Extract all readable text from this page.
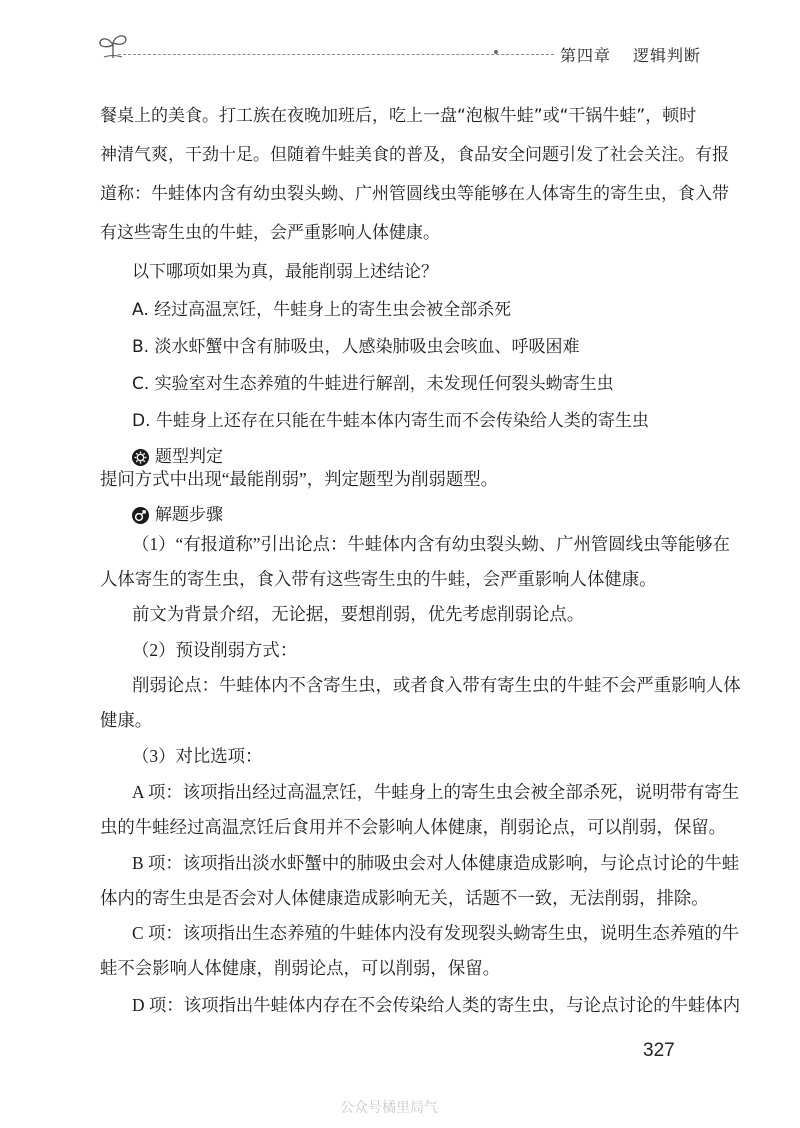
第四章 逻辑判断
餐桌上的美食。打工族在夜晚加班后，吃上一盘“泡椒牛蛙”或“干锅牛蛙”，顿时
神清气爽，干劲十足。但随着牛蛙美食的普及，食品安全问题引发了社会关注。有报
道称：牛蛙体内含有幼虫裂头蚴、广州管圆线虫等能够在人体寄生的寄生虫，食入带
有这些寄生虫的牛蛙，会严重影响人体健康。
以下哪项如果为真，最能削弱上述结论？
A. 经过高温烹饪，牛蛙身上的寄生虫会被全部杀死
B. 淡水虾蟹中含有肺吸虫，人感染肺吸虫会咳血、呼吸困难
C. 实验室对生态养殖的牛蛙进行解剖，未发现任何裂头蚴寄生虫
D. 牛蛙身上还存在只能在牛蛙本体内寄生而不会传染给人类的寄生虫
题型判定
提问方式中出现“最能削弱”，判定题型为削弱题型。
解题步骤
（1）“有报道称”引出论点：牛蛙体内含有幼虫裂头蚴、广州管圆线虫等能够在
人体寄生的寄生虫，食入带有这些寄生虫的牛蛙，会严重影响人体健康。
前文为背景介绍，无论据，要想削弱，优先考虑削弱论点。
（2）预设削弱方式：
削弱论点：牛蛙体内不含寄生虫，或者食入带有寄生虫的牛蛙不会严重影响人体
健康。
（3）对比选项：
A 项：该项指出经过高温烹饪，牛蛙身上的寄生虫会被全部杀死，说明带有寄生
虫的牛蛙经过高温烹饪后食用并不会影响人体健康，削弱论点，可以削弱，保留。
B 项：该项指出淡水虾蟹中的肺吸虫会对人体健康造成影响，与论点讨论的牛蛙
体内的寄生虫是否会对人体健康造成影响无关，话题不一致，无法削弱，排除。
C 项：该项指出生态养殖的牛蛙体内没有发现裂头蚴寄生虫，说明生态养殖的牛
蛙不会影响人体健康，削弱论点，可以削弱，保留。
D 项：该项指出牛蛙体内存在不会传染给人类的寄生虫，与论点讨论的牛蛙体内
327
公众号橘里局气
